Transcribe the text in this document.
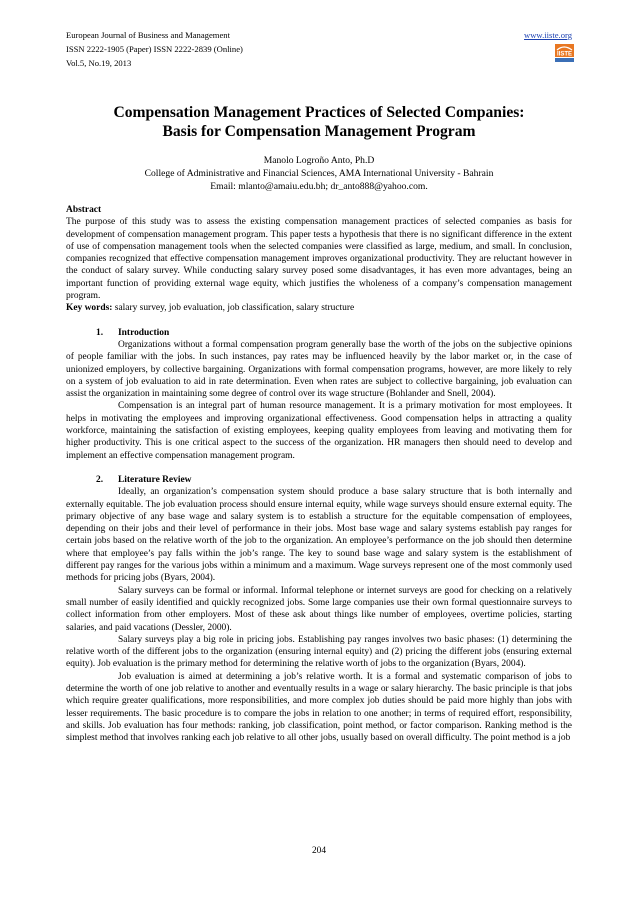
European Journal of Business and Management
ISSN 2222-1905 (Paper) ISSN 2222-2839 (Online)
Vol.5, No.19, 2013
www.iiste.org
IISTE
Compensation Management Practices of Selected Companies:
Basis for Compensation Management Program
Manolo Logroño Anto, Ph.D
College of Administrative and Financial Sciences, AMA International University - Bahrain
Email: mlanto@amaiu.edu.bh; dr_anto888@yahoo.com.

Abstract

The purpose of this study was to assess the existing compensation management practices of selected companies as basis for development of compensation management program. This paper tests a hypothesis that there is no significant difference in the extent of use of compensation management tools when the selected companies were classified as large, medium, and small. In conclusion, companies recognized that effective compensation management improves organizational productivity. They are reluctant however in the conduct of salary survey. While conducting salary survey posed some disadvantages, it has even more advantages, being an important function of providing external wage equity, which justifies the wholeness of a company’s compensation management program.

Key words: salary survey, job evaluation, job classification, salary structure

1. Introduction

Organizations without a formal compensation program generally base the worth of the jobs on the subjective opinions of people familiar with the jobs. In such instances, pay rates may be influenced heavily by the labor market or, in the case of unionized employers, by collective bargaining. Organizations with formal compensation programs, however, are more likely to rely on a system of job evaluation to aid in rate determination. Even when rates are subject to collective bargaining, job evaluation can assist the organization in maintaining some degree of control over its wage structure (Bohlander and Snell, 2004).

Compensation is an integral part of human resource management. It is a primary motivation for most employees. It helps in motivating the employees and improving organizational effectiveness. Good compensation helps in attracting a quality workforce, maintaining the satisfaction of existing employees, keeping quality employees from leaving and motivating them for higher productivity. This is one critical aspect to the success of the organization. HR managers then should need to develop and implement an effective compensation management program.

2. Literature Review

Ideally, an organization’s compensation system should produce a base salary structure that is both internally and externally equitable. The job evaluation process should ensure internal equity, while wage surveys should ensure external equity. The primary objective of any base wage and salary system is to establish a structure for the equitable compensation of employees, depending on their jobs and their level of performance in their jobs. Most base wage and salary systems establish pay ranges for certain jobs based on the relative worth of the job to the organization. An employee’s performance on the job should then determine where that employee’s pay falls within the job’s range. The key to sound base wage and salary system is the establishment of different pay ranges for the various jobs within a minimum and a maximum. Wage surveys represent one of the most commonly used methods for pricing jobs (Byars, 2004).

Salary surveys can be formal or informal. Informal telephone or internet surveys are good for checking on a relatively small number of easily identified and quickly recognized jobs. Some large companies use their own formal questionnaire surveys to collect information from other employers. Most of these ask about things like number of employees, overtime policies, starting salaries, and paid vacations (Dessler, 2000).

Salary surveys play a big role in pricing jobs. Establishing pay ranges involves two basic phases: (1) determining the relative worth of the different jobs to the organization (ensuring internal equity) and (2) pricing the different jobs (ensuring external equity). Job evaluation is the primary method for determining the relative worth of jobs to the organization (Byars, 2004).

Job evaluation is aimed at determining a job’s relative worth. It is a formal and systematic comparison of jobs to determine the worth of one job relative to another and eventually results in a wage or salary hierarchy. The basic principle is that jobs which require greater qualifications, more responsibilities, and more complex job duties should be paid more highly than jobs with lesser requirements. The basic procedure is to compare the jobs in relation to one another; in terms of required effort, responsibility, and skills. Job evaluation has four methods: ranking, job classification, point method, or factor comparison. Ranking method is the simplest method that involves ranking each job relative to all other jobs, usually based on overall difficulty. The point method is a job

204
